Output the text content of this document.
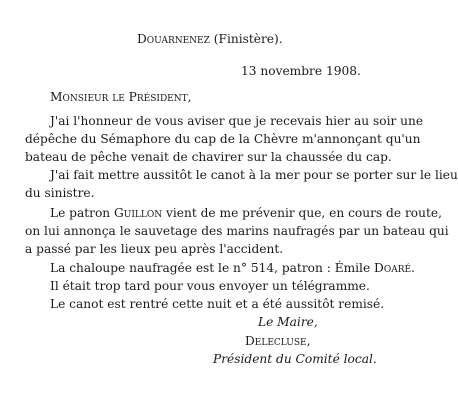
Douarnenez (Finistère).
13 novembre 1908.
Monsieur le Président,
J'ai l'honneur de vous aviser que je recevais hier au soir une
dépêche du Sémaphore du cap de la Chèvre m'annonçant qu'un
bateau de pêche venait de chavirer sur la chaussée du cap.
J'ai fait mettre aussitôt le canot à la mer pour se porter sur le lieu
du sinistre.
Le patron Guillon vient de me prévenir que, en cours de route,
on lui annonça le sauvetage des marins naufragés par un bateau qui
a passé par les lieux peu après l'accident.
La chaloupe naufragée est le n° 514, patron : Émile Doaré.
Il était trop tard pour vous envoyer un télégramme.
Le canot est rentré cette nuit et a été aussitôt remisé.
Le Maire,
Delecluse,
Président du Comité local.
